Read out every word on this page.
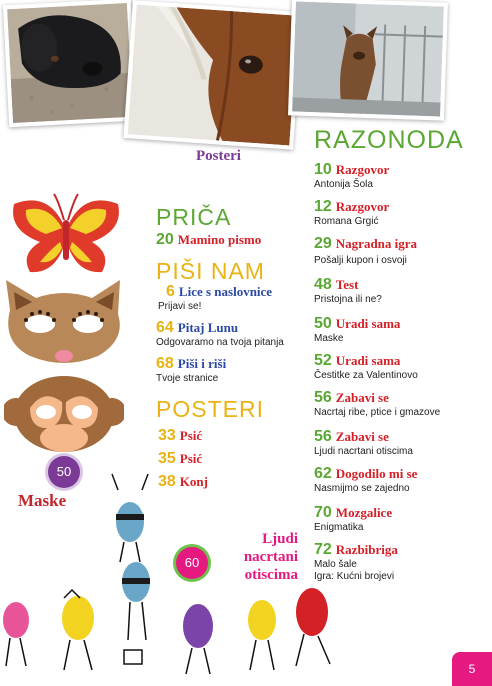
Posteri
50
Maske
PRIČA
20 Mamino pismo
PIŠI NAM
6 Lice s naslovnice
Prijavi se!
64 Pitaj Lunu
Odgovaramo na tvoja pitanja
68 Piši i riši
Tvoje stranice
POSTERI
33 Psić
35 Psić
38 Konj
RAZONODA
10 Razgovor
Antonija Šola
12 Razgovor
Romana Grgić
29 Nagradna igra
Pošalji kupon i osvoji
48 Test
Pristojna ili ne?
50 Uradi sama
Maske
52 Uradi sama
Čestitke za Valentinovo
56 Zabavi se
Nacrtaj ribe, ptice i gmazove
56 Zabavi se
Ljudi nacrtani otiscima
62 Dogodilo mi se
Nasmijmo se zajedno
70 Mozgalice
Enigmatika
72 Razbibriga
Malo šale
Igra: Kućni brojevi
Ljudi
nacrtani
otiscima
60
5
